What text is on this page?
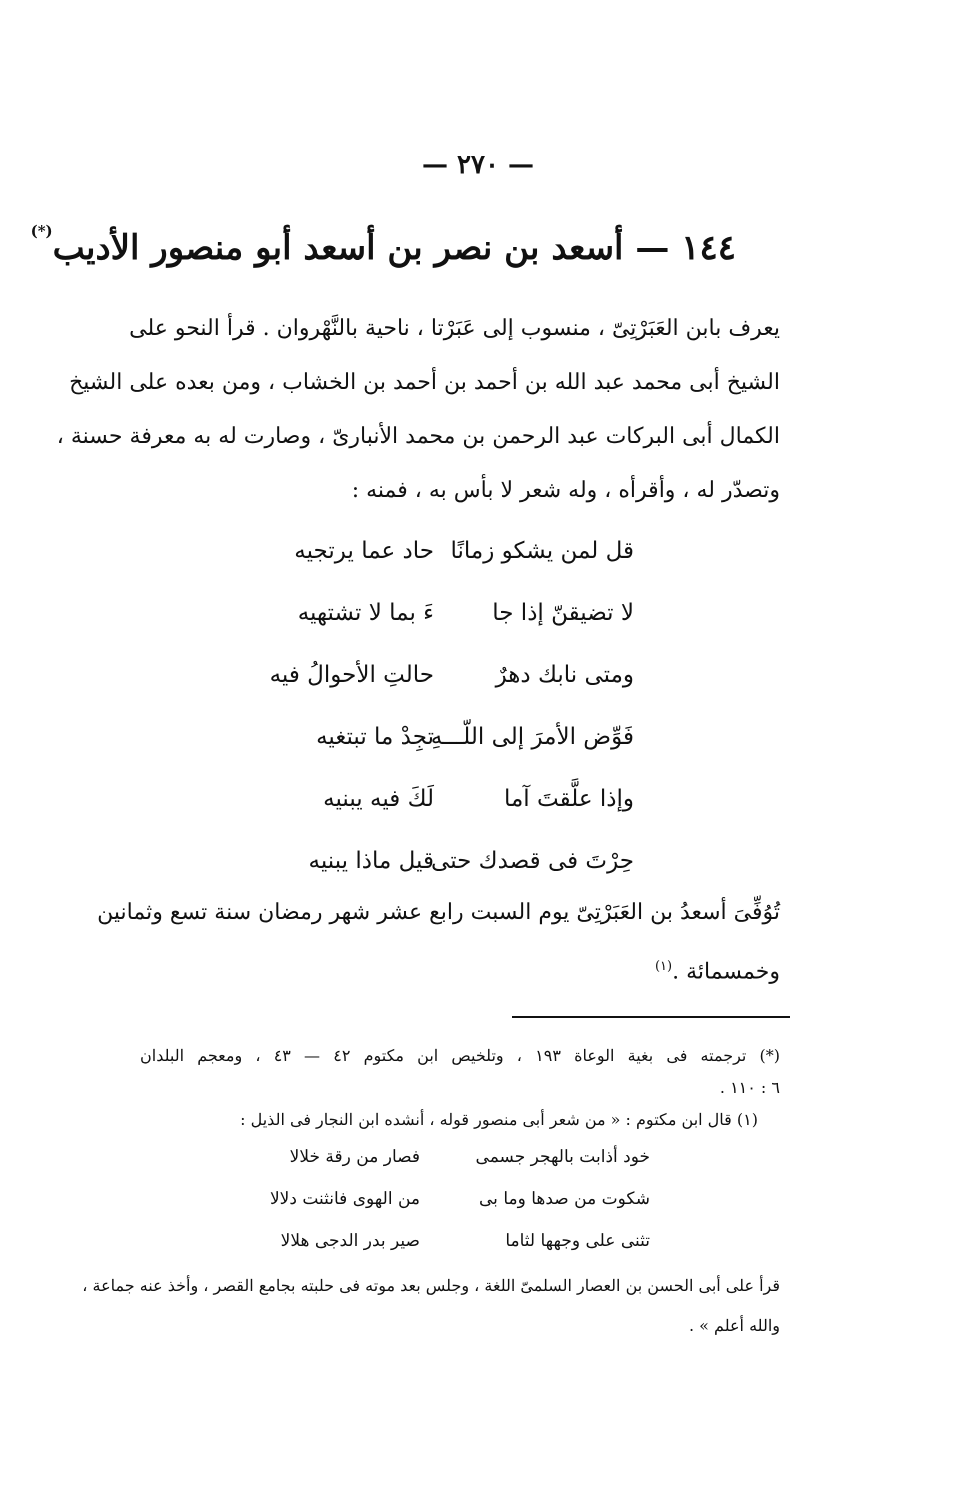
— ٢٧٠ —
١٤٤ — أسعد بن نصر بن أسعد أبو منصور الأديب(*)

يعرف بابن العَبَرْتِىّ ، منسوب إلى عَبَرْتا ، ناحية بالنَّهْروان . قرأ النحو على

الشيخ أبى محمد عبد الله بن أحمد بن أحمد بن الخشاب ، ومن بعده على الشيخ

الكمال أبى البركات عبد الرحمن بن محمد الأنبارىّ ، وصارت له به معرفة حسنة ،

وتصدّر له ، وأقرأه ، وله شعر لا بأس به ، فمنه :

قل لمن يشكو زمانًا
حاد عما يرتجيه
لا تضيقنّ إذا جا
ءَ بما لا تشتهيه
ومتى نابك دهرٌ
حالتِ الأحوالُ فيه
فَوِّض الأمرَ إلى اللّـــهِ
تجِدْ ما تبتغيه
وإذا علَّقتَ آما
لَكَ فيه يبنيه
حِرْتَ فى قصدك حتى
قيل ماذا يبنيه

تُوُفِّىَ أسعدُ بن العَبَرْتِىّ يوم السبت رابع عشر شهر رمضان سنة تسع وثمانين

وخمسمائة .$^{(١)}$

(*) ترجمته فى بغية الوعاة ١٩٣ ، وتلخيص ابن مكتوم ٤٢ — ٤٣ ، ومعجم البلدان

٦ : ١١٠ .

(١) قال ابن مكتوم : « من شعر أبى منصور قوله ، أنشده ابن النجار فى الذيل :

خود أذابت بالهجر جسمى
فصار من رقة خلالا
شكوت من صدها وما بى
من الهوى فانثنت دلالا
تثنى على وجهها لثاما
صير بدر الدجى هلالا

قرأ على أبى الحسن بن العصار السلمىّ اللغة ، وجلس بعد موته فى حلبته بجامع القصر ، وأخذ عنه جماعة ،

والله أعلم » .
